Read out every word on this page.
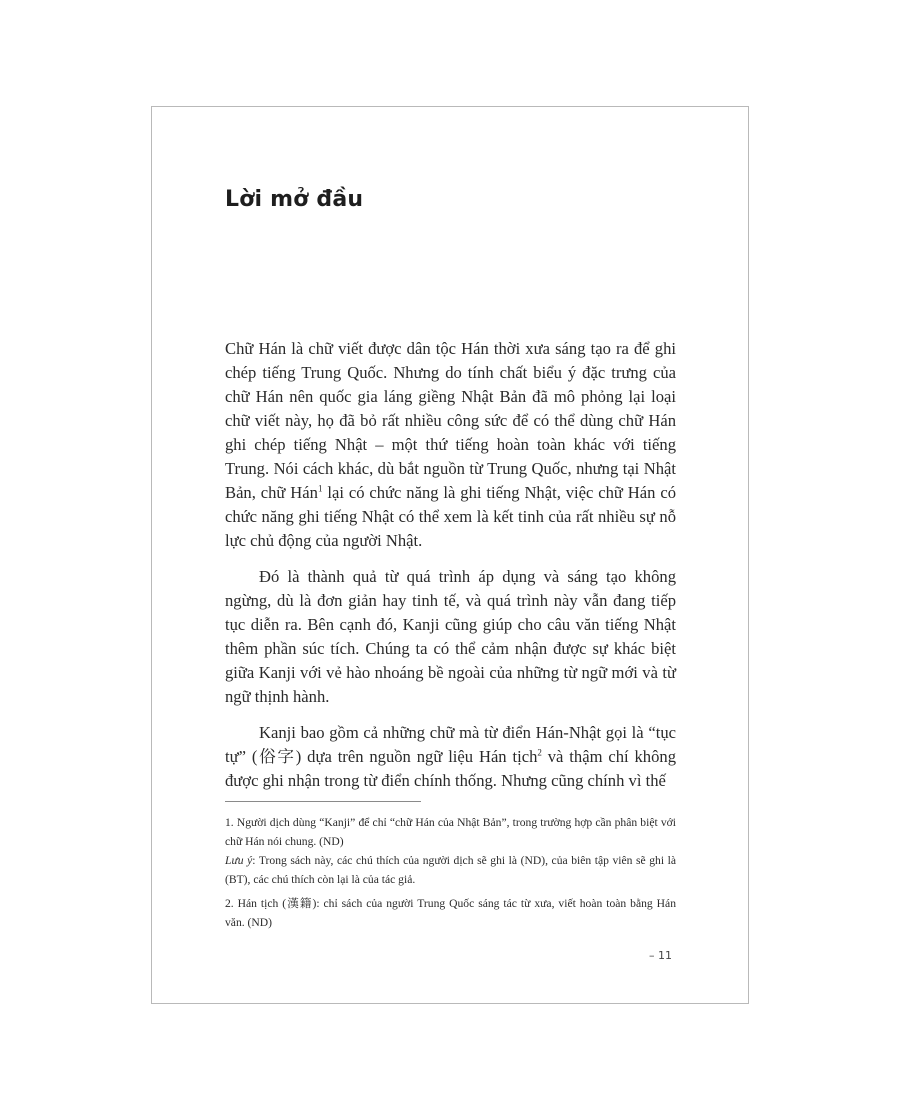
Lời mở đầu

Chữ Hán là chữ viết được dân tộc Hán thời xưa sáng tạo ra để ghi chép tiếng Trung Quốc. Nhưng do tính chất biểu ý đặc trưng của chữ Hán nên quốc gia láng giềng Nhật Bản đã mô phỏng lại loại chữ viết này, họ đã bỏ rất nhiều công sức để có thể dùng chữ Hán ghi chép tiếng Nhật – một thứ tiếng hoàn toàn khác với tiếng Trung. Nói cách khác, dù bắt nguồn từ Trung Quốc, nhưng tại Nhật Bản, chữ Hán$^1$ lại có chức năng là ghi tiếng Nhật, việc chữ Hán có chức năng ghi tiếng Nhật có thể xem là kết tinh của rất nhiều sự nỗ lực chủ động của người Nhật.

Đó là thành quả từ quá trình áp dụng và sáng tạo không ngừng, dù là đơn giản hay tinh tế, và quá trình này vẫn đang tiếp tục diễn ra. Bên cạnh đó, Kanji cũng giúp cho câu văn tiếng Nhật thêm phần súc tích. Chúng ta có thể cảm nhận được sự khác biệt giữa Kanji với vẻ hào nhoáng bề ngoài của những từ ngữ mới và từ ngữ thịnh hành.

Kanji bao gồm cả những chữ mà từ điển Hán-Nhật gọi là “tục tự” (俗字) dựa trên nguồn ngữ liệu Hán tịch$^2$ và thậm chí không được ghi nhận trong từ điển chính thống. Nhưng cũng chính vì thế

1. Người dịch dùng “Kanji” để chỉ “chữ Hán của Nhật Bản”, trong trường hợp cần phân biệt với chữ Hán nói chung. (ND)
Lưu ý: Trong sách này, các chú thích của người dịch sẽ ghi là (ND), của biên tập viên sẽ ghi là (BT), các chú thích còn lại là của tác giả.
2. Hán tịch (漢籍): chỉ sách của người Trung Quốc sáng tác từ xưa, viết hoàn toàn bằng Hán văn. (ND)
– 11
